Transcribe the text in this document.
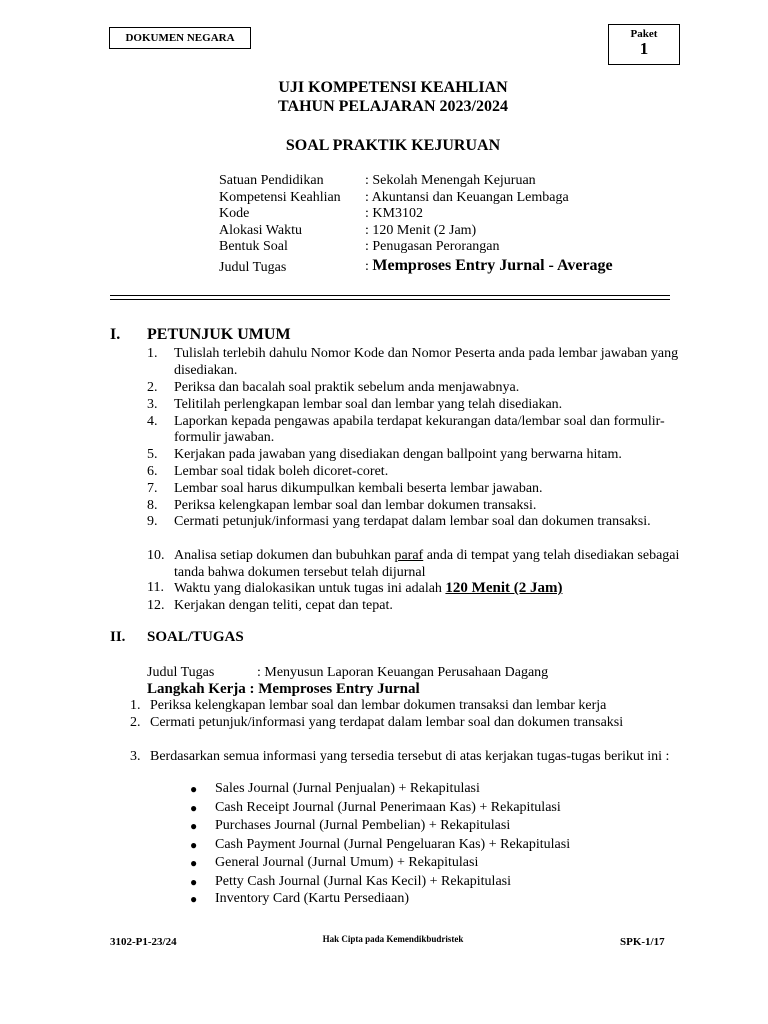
DOKUMEN NEGARA	Paket
1
UJI KOMPETENSI KEAHLIAN
TAHUN PELAJARAN 2023/2024
SOAL PRAKTIK KEJURUAN
Satuan Pendidikan	: Sekolah Menengah Kejuruan
Kompetensi Keahlian : Akuntansi dan Keuangan Lembaga
Kode	: KM3102
Alokasi Waktu	: 120 Menit (2 Jam)
Bentuk Soal	: Penugasan Perorangan
Judul Tugas	: Memproses Entry Jurnal - Average
I. PETUNJUK UMUM
1.	Tulislah terlebih dahulu Nomor Kode dan Nomor Peserta anda pada lembar jawaban yang disediakan.
2.	Periksa dan bacalah soal praktik sebelum anda menjawabnya.
3.	Telitilah perlengkapan lembar soal dan lembar yang telah disediakan.
4.	Laporkan kepada pengawas apabila terdapat kekurangan data/lembar soal dan formulir-formulir jawaban.
5.	Kerjakan pada jawaban yang disediakan dengan ballpoint yang berwarna hitam.
6.	Lembar soal tidak boleh dicoret-coret.
7.	Lembar soal harus dikumpulkan kembali beserta lembar jawaban.
8.	Periksa kelengkapan lembar soal dan lembar dokumen transaksi.
9.	Cermati petunjuk/informasi yang terdapat dalam lembar soal dan dokumen transaksi.
10. Analisa setiap dokumen dan bubuhkan paraf anda di tempat yang telah disediakan sebagai tanda bahwa dokumen tersebut telah dijurnal
11. Waktu yang dialokasikan untuk tugas ini adalah 120 Menit (2 Jam)
12. Kerjakan dengan teliti, cepat dan tepat.
II. SOAL/TUGAS
Judul Tugas	: Menyusun Laporan Keuangan Perusahaan Dagang
Langkah Kerja : Memproses Entry Jurnal
1. Periksa kelengkapan lembar soal dan lembar dokumen transaksi dan lembar kerja
2. Cermati petunjuk/informasi yang terdapat dalam lembar soal dan dokumen transaksi
3. Berdasarkan semua informasi yang tersedia tersebut di atas kerjakan tugas-tugas berikut ini :
● Sales Journal (Jurnal Penjualan) + Rekapitulasi
● Cash Receipt Journal (Jurnal Penerimaan Kas) + Rekapitulasi
● Purchases Journal (Jurnal Pembelian) + Rekapitulasi
● Cash Payment Journal (Jurnal Pengeluaran Kas) + Rekapitulasi
● General Journal (Jurnal Umum) + Rekapitulasi
● Petty Cash Journal (Jurnal Kas Kecil) + Rekapitulasi
● Inventory Card (Kartu Persediaan)
3102-P1-23/24	Hak Cipta pada Kemendikbudristek	SPK-1/17
